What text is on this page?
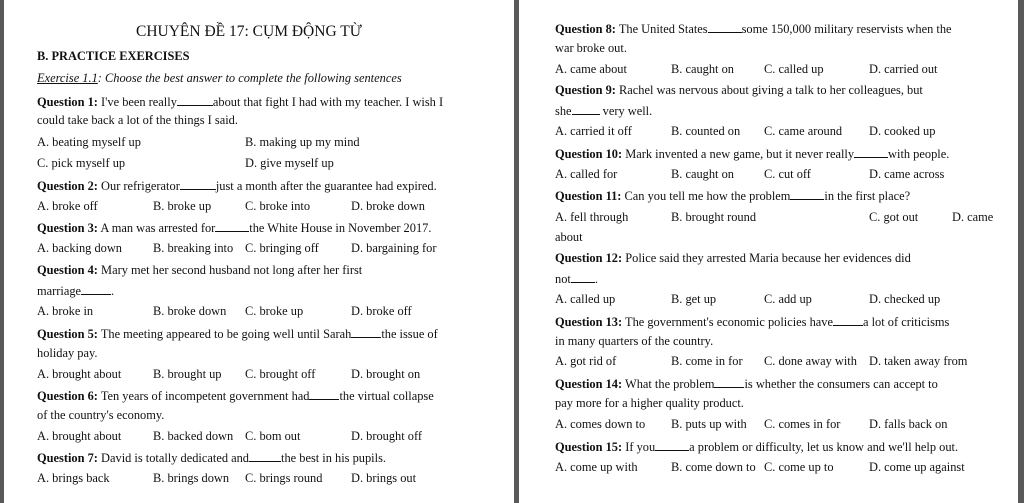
CHUYÊN ĐỀ 17: CỤM ĐỘNG TỪ
B. PRACTICE EXERCISES
Exercise 1.1: Choose the best answer to complete the following sentences
Question 1: I've been really	about that fight I had with my teacher. I wish I
could take back a lot of the things I said.
A. beating myself up	B. making up my mind
C. pick myself up	D. give myself up
Question 2: Our refrigerator	just a month after the guarantee had expired.
A. broke off	B. broke up	C. broke into	D. broke down
Question 3: A man was arrested for	the White House in November 2017.
A. backing down	B. breaking into C. bringing off	D. bargaining for
Question 4: Mary met her second husband not long after her first
marriage .
A. broke in	B. broke down C. broke up	D. broke off
Question 5: The meeting appeared to be going well until Sarah the issue of
holiday pay.
A. brought about	B. brought up C. brought off	D. brought on
Question 6: Ten years of incompetent government had the virtual collapse
of the country's economy.
A. brought about	B. backed down C. bom out	D. brought off
Question 7: David is totally dedicated and	the best in his pupils.
A. brings back	B. brings down C. brings round D. brings out
Question 8: The United States	some 150,000 military reservists when the
war broke out.
A. came about	B. caught on C. called up	D. carried out
Question 9: Rachel was nervous about giving a talk to her colleagues, but
she	very well.
A. carried it off	B. counted on C. came around D. cooked up
Question 10: Mark invented a new game, but it never really	with people.
A. called for	B. caught on C. cut off	D. came across
Question 11: Can you tell me how the problem	in the first place?
A. fell through	B. brought round	C. got out	D. came
about
Question 12: Police said they arrested Maria because her evidences did
not .
A. called up	B. get up	C. add up	D. checked up
Question 13: The government's economic policies have a lot of criticisms
in many quarters of the country.
A. got rid of	B. come in for C. done away with D. taken away from
Question 14: What the problem is whether the consumers can accept to
pay more for a higher quality product.
A. comes down to B. puts up with C. comes in for D. falls back on
Question 15: If you	a problem or difficulty, let us know and we'll help out.
A. come up with	B. come down to C. come up to	D. come up against
